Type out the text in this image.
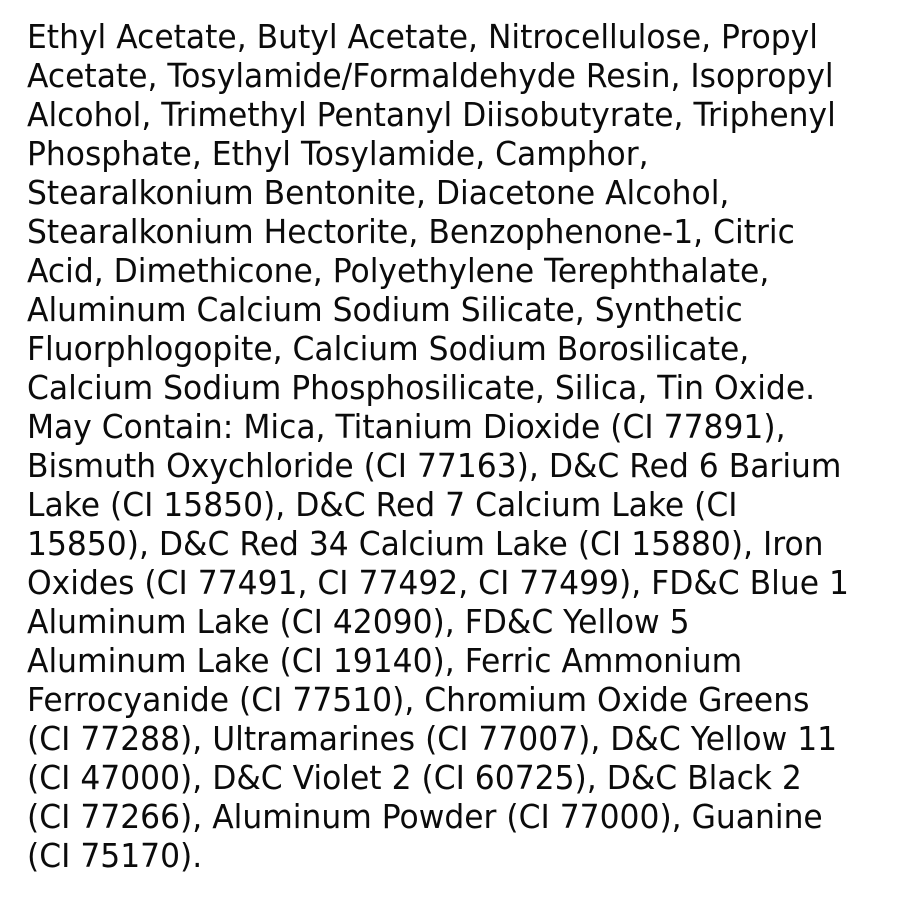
Ethyl Acetate, Butyl Acetate, Nitrocellulose, Propyl
Acetate, Tosylamide/Formaldehyde Resin, Isopropyl
Alcohol, Trimethyl Pentanyl Diisobutyrate, Triphenyl
Phosphate, Ethyl Tosylamide, Camphor,
Stearalkonium Bentonite, Diacetone Alcohol,
Stearalkonium Hectorite, Benzophenone-1, Citric
Acid, Dimethicone, Polyethylene Terephthalate,
Aluminum Calcium Sodium Silicate, Synthetic
Fluorphlogopite, Calcium Sodium Borosilicate,
Calcium Sodium Phosphosilicate, Silica, Tin Oxide.
May Contain: Mica, Titanium Dioxide (CI 77891),
Bismuth Oxychloride (CI 77163), D&C Red 6 Barium
Lake (CI 15850), D&C Red 7 Calcium Lake (CI
15850), D&C Red 34 Calcium Lake (CI 15880), Iron
Oxides (CI 77491, CI 77492, CI 77499), FD&C Blue 1
Aluminum Lake (CI 42090), FD&C Yellow 5
Aluminum Lake (CI 19140), Ferric Ammonium
Ferrocyanide (CI 77510), Chromium Oxide Greens
(CI 77288), Ultramarines (CI 77007), D&C Yellow 11
(CI 47000), D&C Violet 2 (CI 60725), D&C Black 2
(CI 77266), Aluminum Powder (CI 77000), Guanine
(CI 75170).
